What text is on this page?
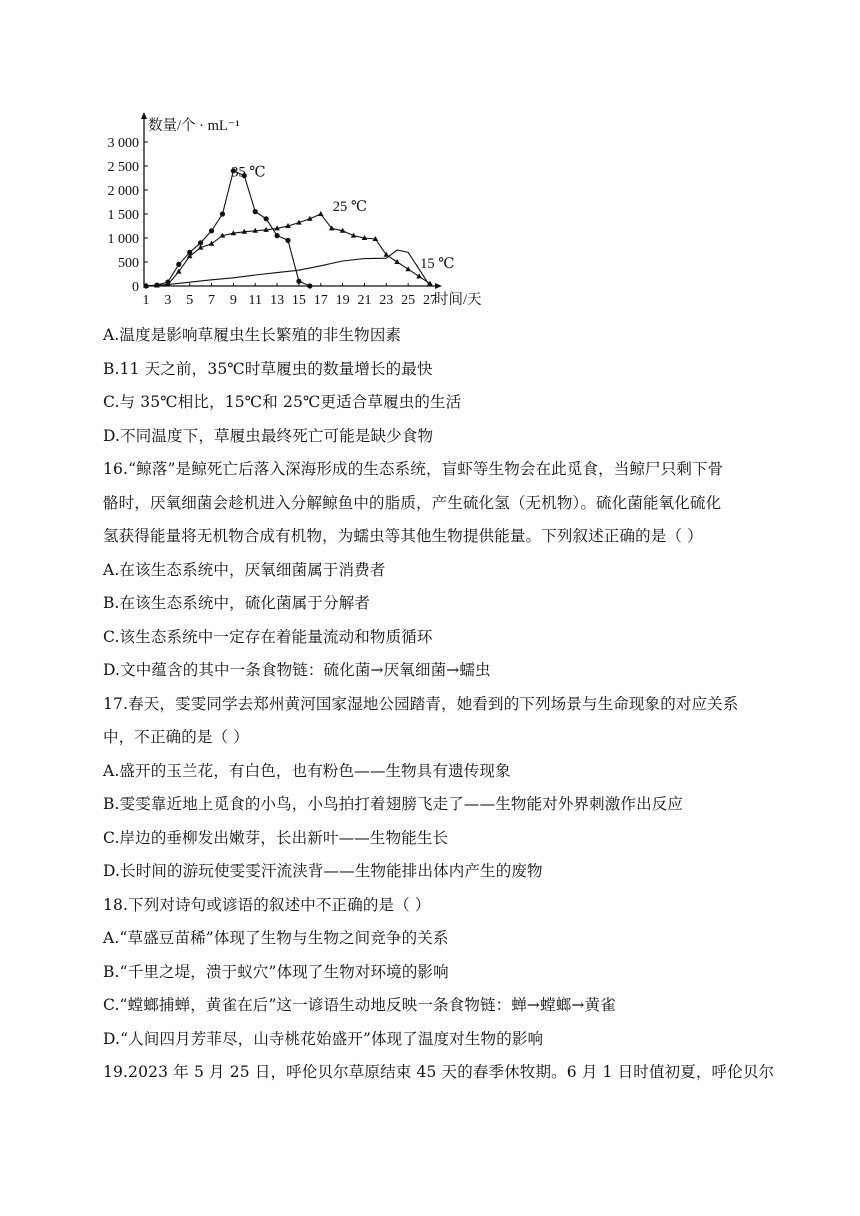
0
500
1 000
1 500
2 000
2 500
3 000
1 3 5 7 9 11 13 15 17 19 21 23 25 27
数量/个 · mL⁻¹
时间/天
35 ℃
25 ℃
15 ℃
A.温度是影响草履虫生长繁殖的非生物因素
B.11 天之前，35℃时草履虫的数量增长的最快
C.与 35℃相比，15℃和 25℃更适合草履虫的生活
D.不同温度下，草履虫最终死亡可能是缺少食物
16.“鲸落”是鲸死亡后落入深海形成的生态系统，盲虾等生物会在此觅食，当鲸尸只剩下骨
骼时，厌氧细菌会趁机进入分解鲸鱼中的脂质，产生硫化氢（无机物）。硫化菌能氧化硫化
氢获得能量将无机物合成有机物，为蠕虫等其他生物提供能量。下列叙述正确的是（ ）
A.在该生态系统中，厌氧细菌属于消费者
B.在该生态系统中，硫化菌属于分解者
C.该生态系统中一定存在着能量流动和物质循环
D.文中蕴含的其中一条食物链：硫化菌→厌氧细菌→蠕虫
17.春天，雯雯同学去郑州黄河国家湿地公园踏青，她看到的下列场景与生命现象的对应关系
中，不正确的是（ ）
A.盛开的玉兰花，有白色，也有粉色——生物具有遗传现象
B.雯雯靠近地上觅食的小鸟，小鸟拍打着翅膀飞走了——生物能对外界刺激作出反应
C.岸边的垂柳发出嫩芽，长出新叶——生物能生长
D.长时间的游玩使雯雯汗流浃背——生物能排出体内产生的废物
18.下列对诗句或谚语的叙述中不正确的是（ ）
A.“草盛豆苗稀”体现了生物与生物之间竞争的关系
B.“千里之堤，溃于蚁穴”体现了生物对环境的影响
C.“螳螂捕蝉，黄雀在后”这一谚语生动地反映一条食物链：蝉→螳螂→黄雀
D.“人间四月芳菲尽，山寺桃花始盛开”体现了温度对生物的影响
19.2023 年 5 月 25 日，呼伦贝尔草原结束 45 天的春季休牧期。6 月 1 日时值初夏，呼伦贝尔
